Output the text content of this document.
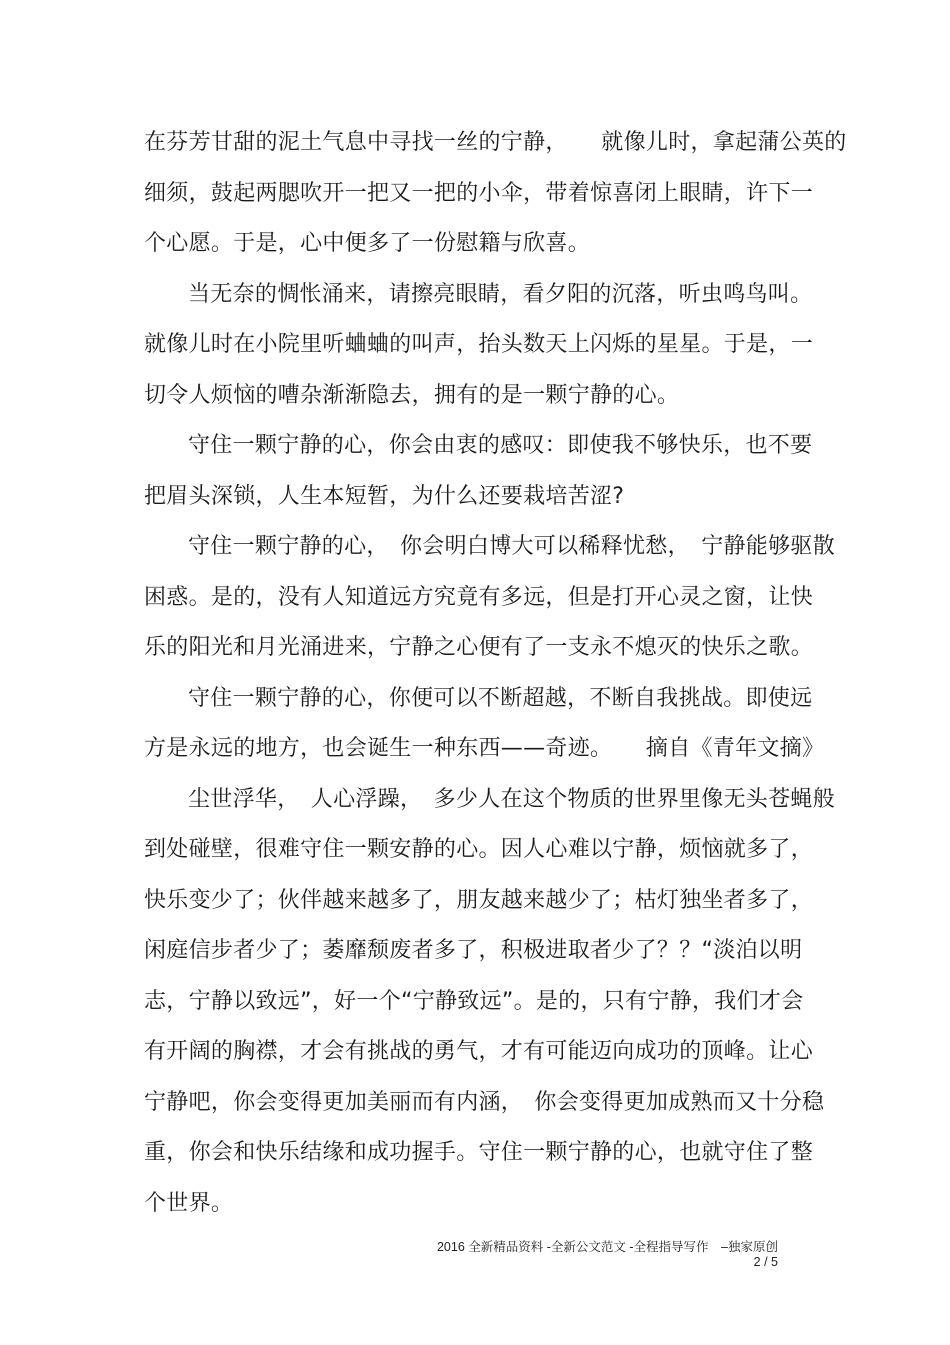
在芬芳甘甜的泥土气息中寻找一丝的宁静，　　就像儿时，拿起蒲公英的
细须，鼓起两腮吹开一把又一把的小伞，带着惊喜闭上眼睛，许下一
个心愿。于是，心中便多了一份慰籍与欣喜。
当无奈的惆怅涌来，请擦亮眼睛，看夕阳的沉落，听虫鸣鸟叫。
就像儿时在小院里听蛐蛐的叫声，抬头数天上闪烁的星星。于是，一
切令人烦恼的嘈杂渐渐隐去，拥有的是一颗宁静的心。
守住一颗宁静的心，你会由衷的感叹：即使我不够快乐，也不要
把眉头深锁，人生本短暂，为什么还要栽培苦涩?
守住一颗宁静的心，　你会明白博大可以稀释忧愁，　宁静能够驱散
困惑。是的，没有人知道远方究竟有多远，但是打开心灵之窗，让快
乐的阳光和月光涌进来，宁静之心便有了一支永不熄灭的快乐之歌。
守住一颗宁静的心，你便可以不断超越，不断自我挑战。即使远
方是永远的地方，也会诞生一种东西——奇迹。　　摘自《青年文摘》
尘世浮华，　人心浮躁，　多少人在这个物质的世界里像无头苍蝇般
到处碰壁，很难守住一颗安静的心。因人心难以宁静，烦恼就多了，
快乐变少了；伙伴越来越多了，朋友越来越少了；枯灯独坐者多了，
闲庭信步者少了；萎靡颓废者多了，积极进取者少了？？“淡泊以明
志，宁静以致远”，好一个“宁静致远”。是的，只有宁静，我们才会
有开阔的胸襟，才会有挑战的勇气，才有可能迈向成功的顶峰。让心
宁静吧，你会变得更加美丽而有内涵，　你会变得更加成熟而又十分稳
重，你会和快乐结缘和成功握手。守住一颗宁静的心，也就守住了整
个世界。
2016 全新精品资料 -全新公文范文 -全程指导写作　–独家原创
2 / 5
